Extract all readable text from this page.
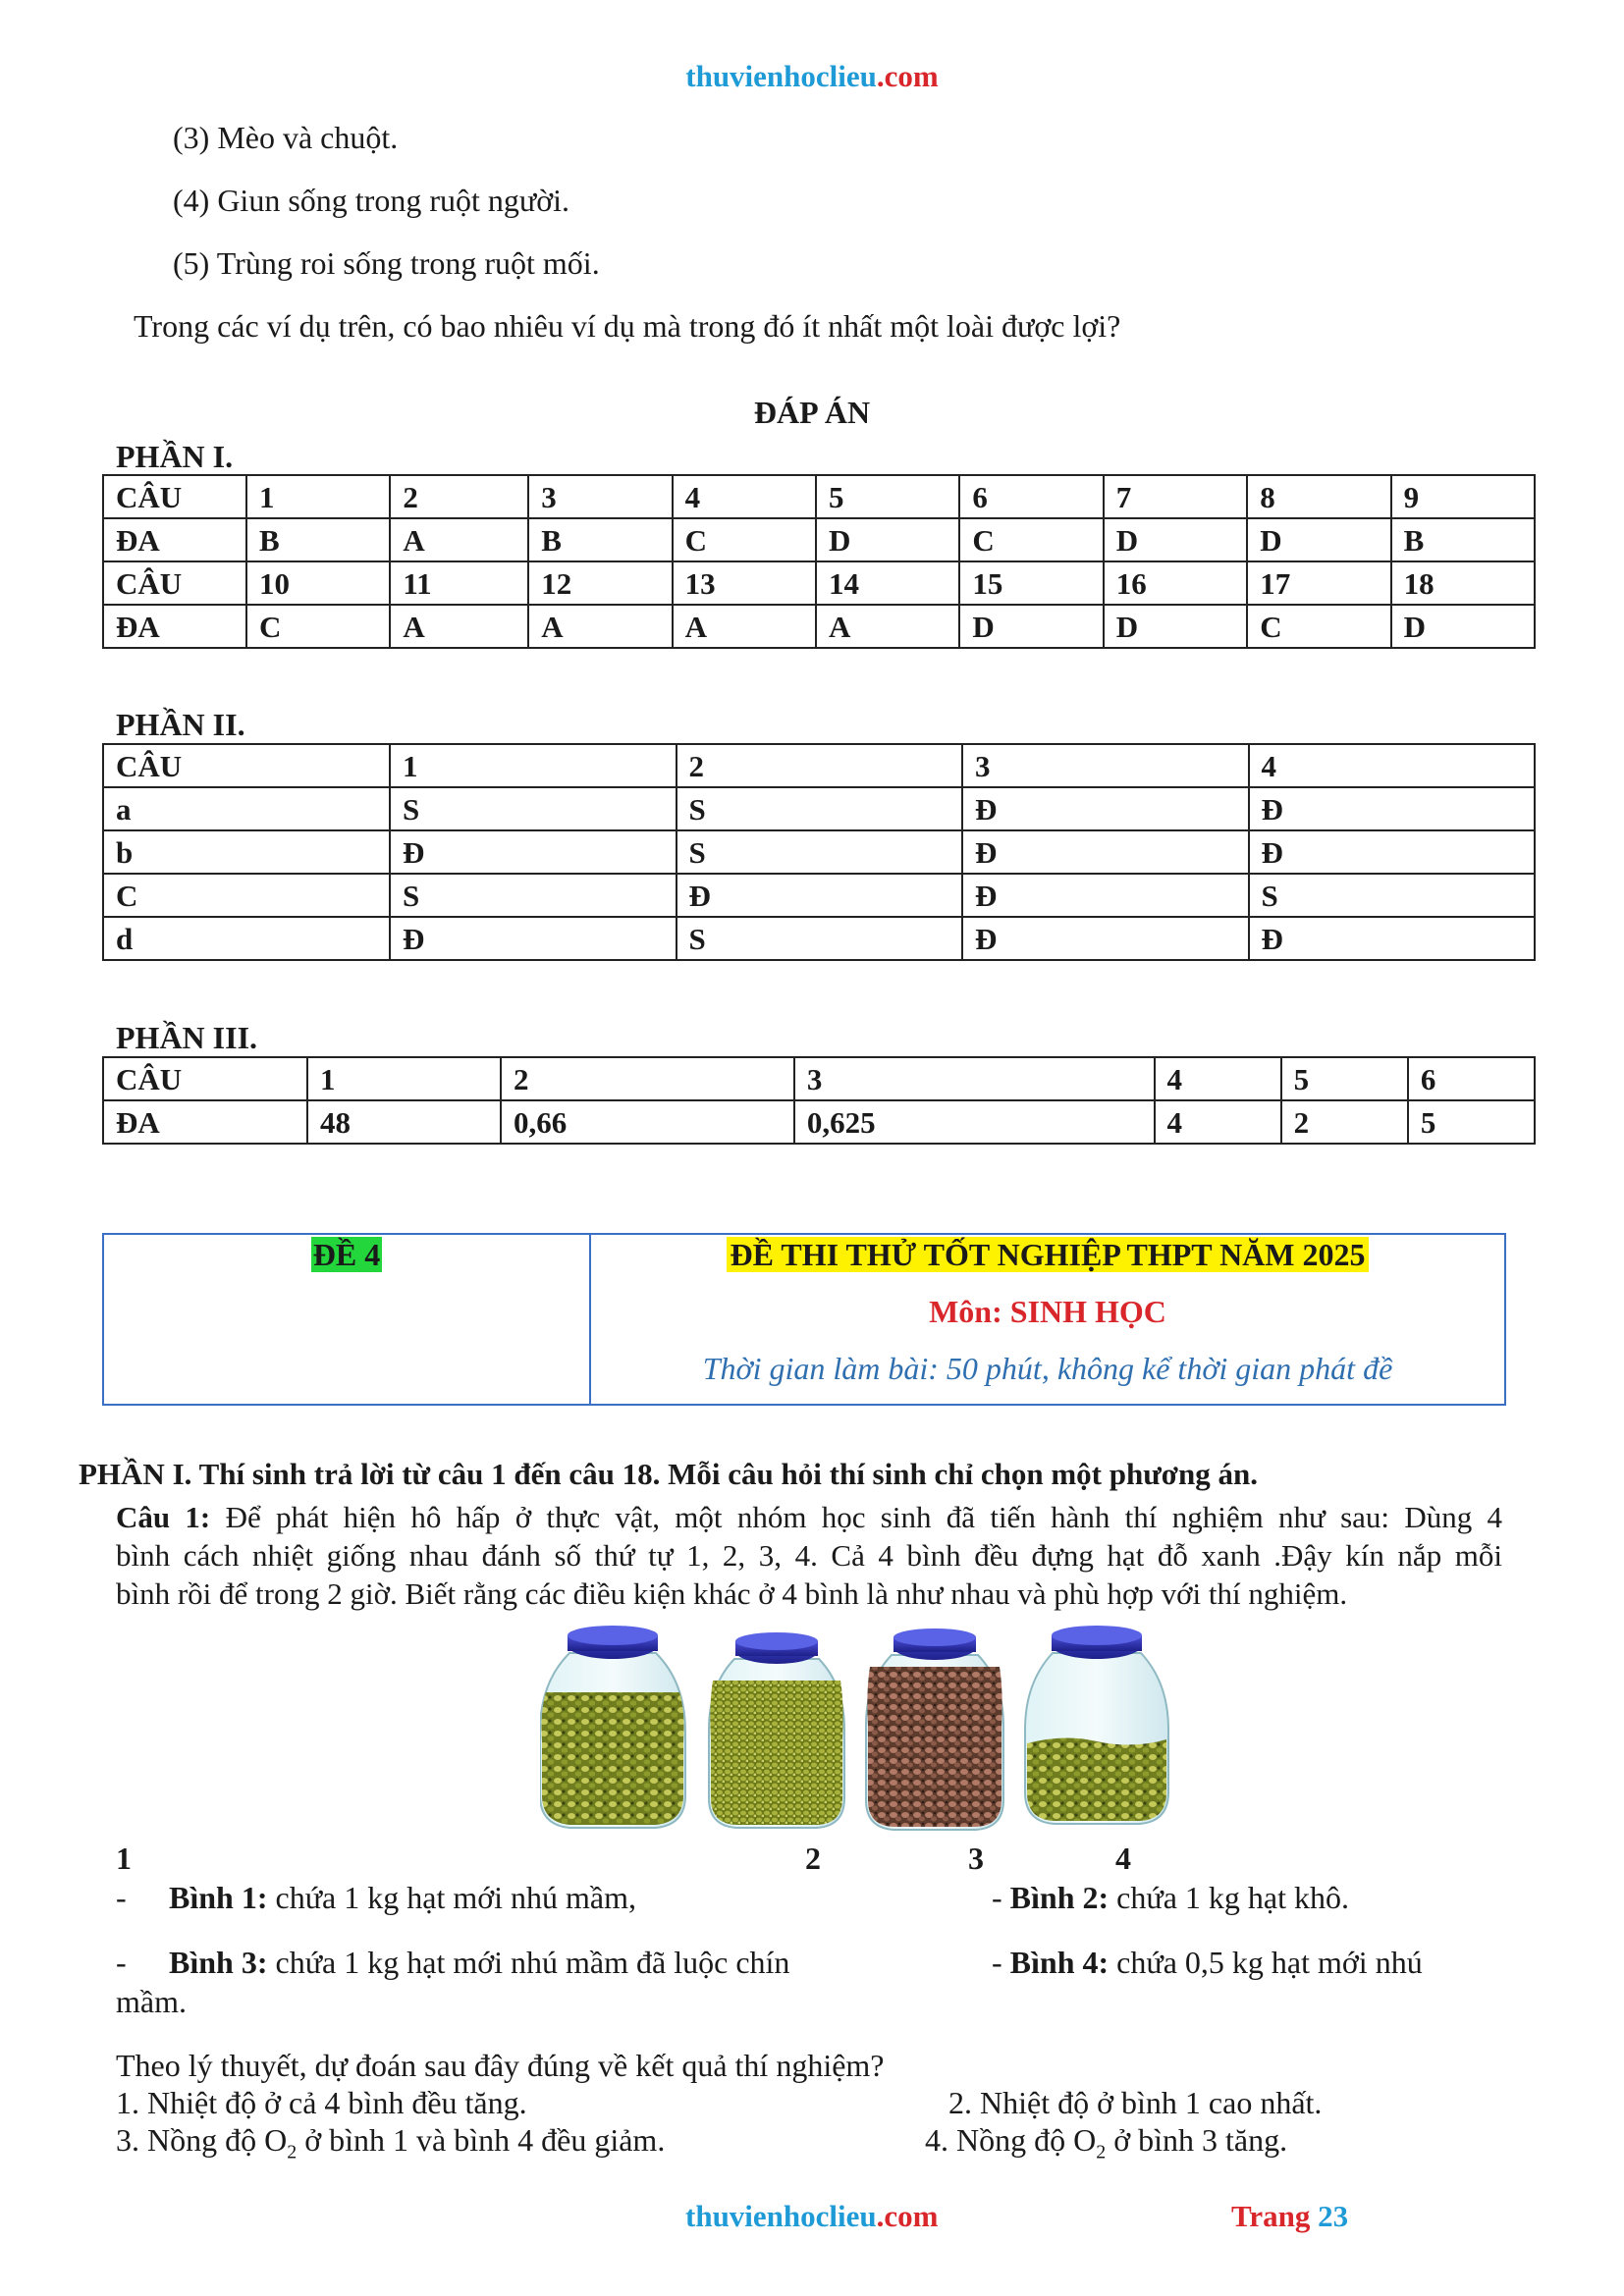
thuvienhoclieu.com
(3) Mèo và chuột.
(4) Giun sống trong ruột người.
(5) Trùng roi sống trong ruột mối.
Trong các ví dụ trên, có bao nhiêu ví dụ mà trong đó ít nhất một loài được lợi?
ĐÁP ÁN
PHẦN I.
CÂU	1	2	3	4	5	6	7	8	9
ĐA	B	A	B	C	D	C	D	D	B
CÂU	10	11	12	13	14	15	16	17	18
ĐA	C	A	A	A	A	D	D	C	D
PHẦN II.
CÂU	1	2	3	4
a	S	S	Đ	Đ
b	Đ	S	Đ	Đ
C	S	Đ	Đ	S
d	Đ	S	Đ	Đ
PHẦN III.
CÂU	1	2	3	4	5	6
ĐA	48	0,66	0,625	4	2	5
ĐỀ 4	ĐỀ THI THỬ TỐT NGHIỆP THPT NĂM 2025
Môn: SINH HỌC
Thời gian làm bài: 50 phút, không kể thời gian phát đề
PHẦN I. Thí sinh trả lời từ câu 1 đến câu 18. Mỗi câu hỏi thí sinh chỉ chọn một phương án.
Câu 1: Để phát hiện hô hấp ở thực vật, một nhóm học sinh đã tiến hành thí nghiệm như sau: Dùng 4
bình cách nhiệt giống nhau đánh số thứ tự 1, 2, 3, 4. Cả 4 bình đều đựng hạt đỗ xanh .Đậy kín nắp mỗi
bình rồi để trong 2 giờ. Biết rằng các điều kiện khác ở 4 bình là như nhau và phù hợp với thí nghiệm.
1	2	3	4
- Bình 1: chứa 1 kg hạt mới nhú mầm,	- Bình 2: chứa 1 kg hạt khô.
- Bình 3: chứa 1 kg hạt mới nhú mầm đã luộc chín	- Bình 4: chứa 0,5 kg hạt mới nhú
mầm.
Theo lý thuyết, dự đoán sau đây đúng về kết quả thí nghiệm?
1. Nhiệt độ ở cả 4 bình đều tăng.	2. Nhiệt độ ở bình 1 cao nhất.
3. Nồng độ $O_2$ ở bình 1 và bình 4 đều giảm.	4. Nồng độ $O_2$ ở bình 3 tăng.
thuvienhoclieu.com	Trang 23
